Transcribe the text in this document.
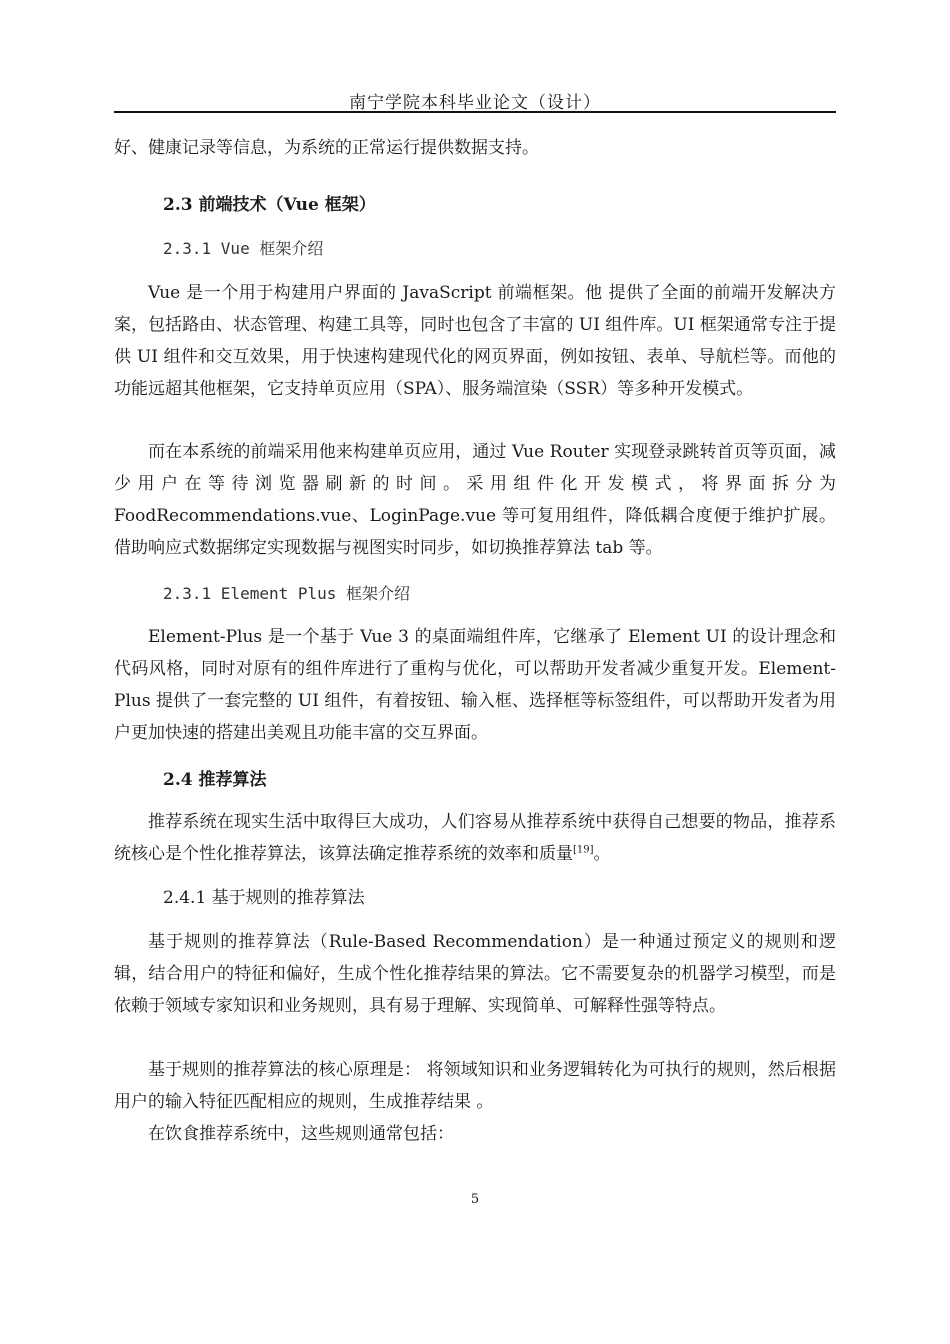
南宁学院本科毕业论文（设计）
好、健康记录等信息，为系统的正常运行提供数据支持。
2.3 前端技术（Vue 框架）
2.3.1 Vue 框架介绍
Vue 是一个用于构建用户界面的 JavaScript 前端框架。他 提供了全面的前端开发解决方案，包括路由、状态管理、构建工具等，同时也包含了丰富的 UI 组件库。UI 框架通常专注于提供 UI 组件和交互效果，用于快速构建现代化的网页界面，例如按钮、表单、导航栏等。而他的功能远超其他框架，它支持单页应用（SPA）、服务端渲染（SSR）等多种开发模式。
而在本系统的前端采用他来构建单页应用，通过 Vue Router 实现登录跳转首页等页面，减少用户在等待浏览器刷新的时间。采用组件化开发模式，将界面拆分为 FoodRecommendations.vue、LoginPage.vue 等可复用组件，降低耦合度便于维护扩展。借助响应式数据绑定实现数据与视图实时同步，如切换推荐算法 tab 等。
2.3.1 Element Plus 框架介绍
Element-Plus 是一个基于 Vue 3 的桌面端组件库，它继承了 Element UI 的设计理念和代码风格，同时对原有的组件库进行了重构与优化，可以帮助开发者减少重复开发。Element-Plus 提供了一套完整的 UI 组件，有着按钮、输入框、选择框等标签组件，可以帮助开发者为用户更加快速的搭建出美观且功能丰富的交互界面。
2.4 推荐算法
推荐系统在现实生活中取得巨大成功，人们容易从推荐系统中获得自己想要的物品，推荐系统核心是个性化推荐算法，该算法确定推荐系统的效率和质量[19]。
2.4.1 基于规则的推荐算法
基于规则的推荐算法（Rule-Based Recommendation）是一种通过预定义的规则和逻辑，结合用户的特征和偏好，生成个性化推荐结果的算法。它不需要复杂的机器学习模型，而是依赖于领域专家知识和业务规则，具有易于理解、实现简单、可解释性强等特点。
基于规则的推荐算法的核心原理是： 将领域知识和业务逻辑转化为可执行的规则，然后根据用户的输入特征匹配相应的规则，生成推荐结果 。
在饮食推荐系统中，这些规则通常包括：
5
